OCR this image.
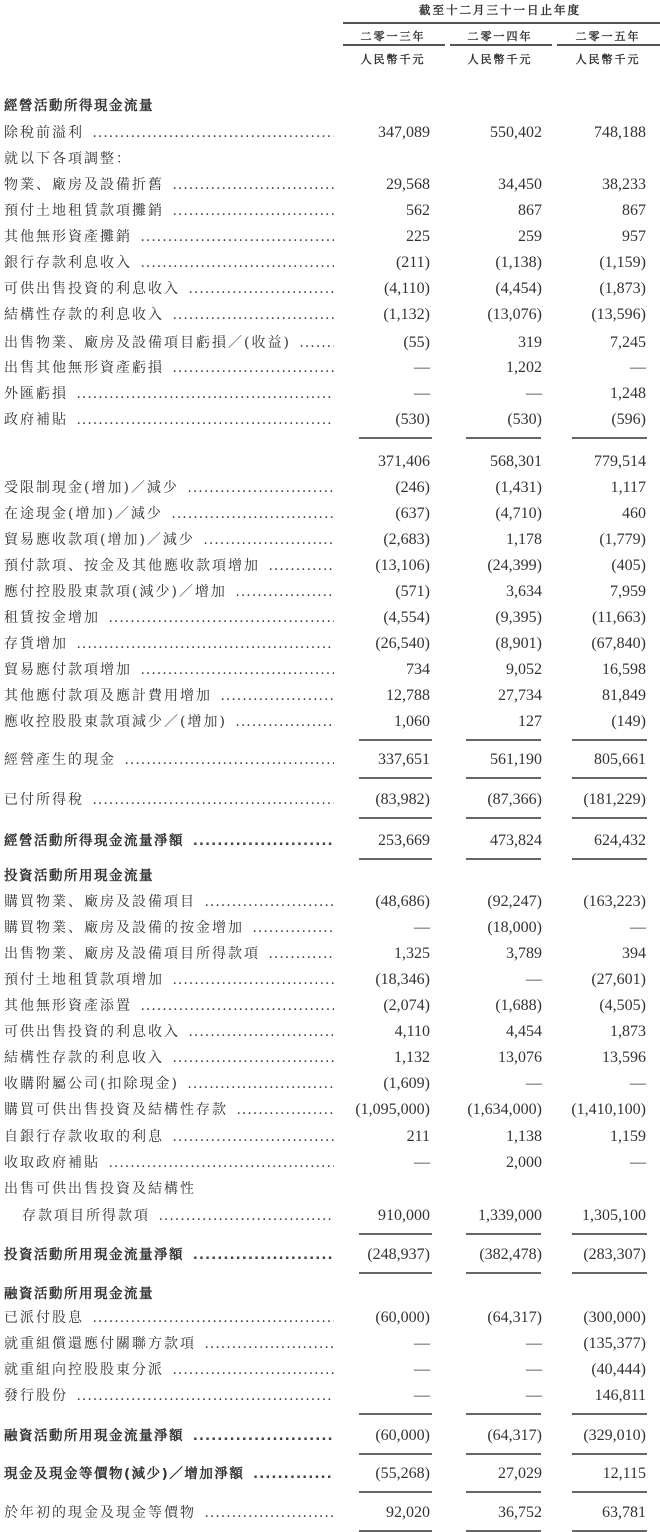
截至十二月三十一日止年度
二零一三年	二零一四年	二零一五年
人民幣千元	人民幣千元	人民幣千元
經營活動所得現金流量
除稅前溢利 .....	347,089	550,402	748,188
就以下各項調整：
物業、廠房及設備折舊 .....	29,568	34,450	38,233
預付土地租賃款項攤銷 .....	562	867	867
其他無形資產攤銷 .....	225	259	957
銀行存款利息收入 .....	(211)	(1,138)	(1,159)
可供出售投資的利息收入 .....	(4,110)	(4,454)	(1,873)
結構性存款的利息收入 .....	(1,132)	(13,076)	(13,596)
出售物業、廠房及設備項目虧損／(收益) .....	(55)	319	7,245
出售其他無形資產虧損 .....	—	1,202	—
外匯虧損 .....	—	—	1,248
政府補貼 .....	(530)	(530)	(596)
371,406	568,301	779,514
受限制現金(增加)／減少 .....	(246)	(1,431)	1,117
在途現金(增加)／減少 .....	(637)	(4,710)	460
貿易應收款項(增加)／減少 .....	(2,683)	1,178	(1,779)
預付款項、按金及其他應收款項增加 .....	(13,106)	(24,399)	(405)
應付控股股東款項(減少)／增加 .....	(571)	3,634	7,959
租賃按金增加 .....	(4,554)	(9,395)	(11,663)
存貨增加 .....	(26,540)	(8,901)	(67,840)
貿易應付款項增加 .....	734	9,052	16,598
其他應付款項及應計費用增加 .....	12,788	27,734	81,849
應收控股股東款項減少／(增加) .....	1,060	127	(149)
經營產生的現金 .....	337,651	561,190	805,661
已付所得稅 .....	(83,982)	(87,366)	(181,229)
經營活動所得現金流量淨額 .....	253,669	473,824	624,432
投資活動所用現金流量
購買物業、廠房及設備項目 .....	(48,686)	(92,247)	(163,223)
購買物業、廠房及設備的按金增加 .....	—	(18,000)	—
出售物業、廠房及設備項目所得款項 .....	1,325	3,789	394
預付土地租賃款項增加 .....	(18,346)	—	(27,601)
其他無形資產添置 .....	(2,074)	(1,688)	(4,505)
可供出售投資的利息收入 .....	4,110	4,454	1,873
結構性存款的利息收入 .....	1,132	13,076	13,596
收購附屬公司(扣除現金) .....	(1,609)	—	—
購買可供出售投資及結構性存款 .....	(1,095,000)	(1,634,000)	(1,410,100)
自銀行存款收取的利息 .....	211	1,138	1,159
收取政府補貼 .....	—	2,000	—
出售可供出售投資及結構性
存款項目所得款項 .....	910,000	1,339,000	1,305,100
投資活動所用現金流量淨額 .....	(248,937)	(382,478)	(283,307)
融資活動所用現金流量
已派付股息 .....	(60,000)	(64,317)	(300,000)
就重組償還應付關聯方款項 .....	—	—	(135,377)
就重組向控股股東分派 .....	—	—	(40,444)
發行股份 .....	—	—	146,811
融資活動所用現金流量淨額 .....	(60,000)	(64,317)	(329,010)
現金及現金等價物(減少)／增加淨額 .....	(55,268)	27,029	12,115
於年初的現金及現金等價物 .....	92,020	36,752	63,781
